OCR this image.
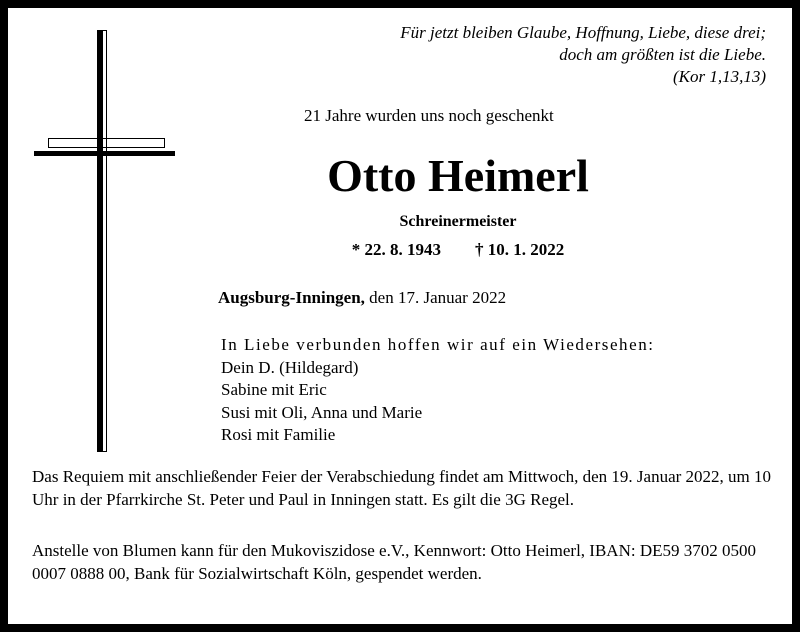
Für jetzt bleiben Glaube, Hoffnung, Liebe, diese drei;
doch am größten ist die Liebe.
(Kor 1,13,13)
21 Jahre wurden uns noch geschenkt
Otto Heimerl
Schreinermeister
* 22. 8. 1943 † 10. 1. 2022
Augsburg-Inningen, den 17. Januar 2022
In Liebe verbunden hoffen wir auf ein Wiedersehen:
Dein D. (Hildegard)
Sabine mit Eric
Susi mit Oli, Anna und Marie
Rosi mit Familie
Das Requiem mit anschließender Feier der Verabschiedung findet am Mittwoch, den 19. Januar 2022, um 10 Uhr in der Pfarrkirche St. Peter und Paul in Inningen statt. Es gilt die 3G Regel.
Anstelle von Blumen kann für den Mukoviszidose e.V., Kennwort: Otto Heimerl, IBAN: DE59 3702 0500 0007 0888 00, Bank für Sozialwirtschaft Köln, gespendet werden.
